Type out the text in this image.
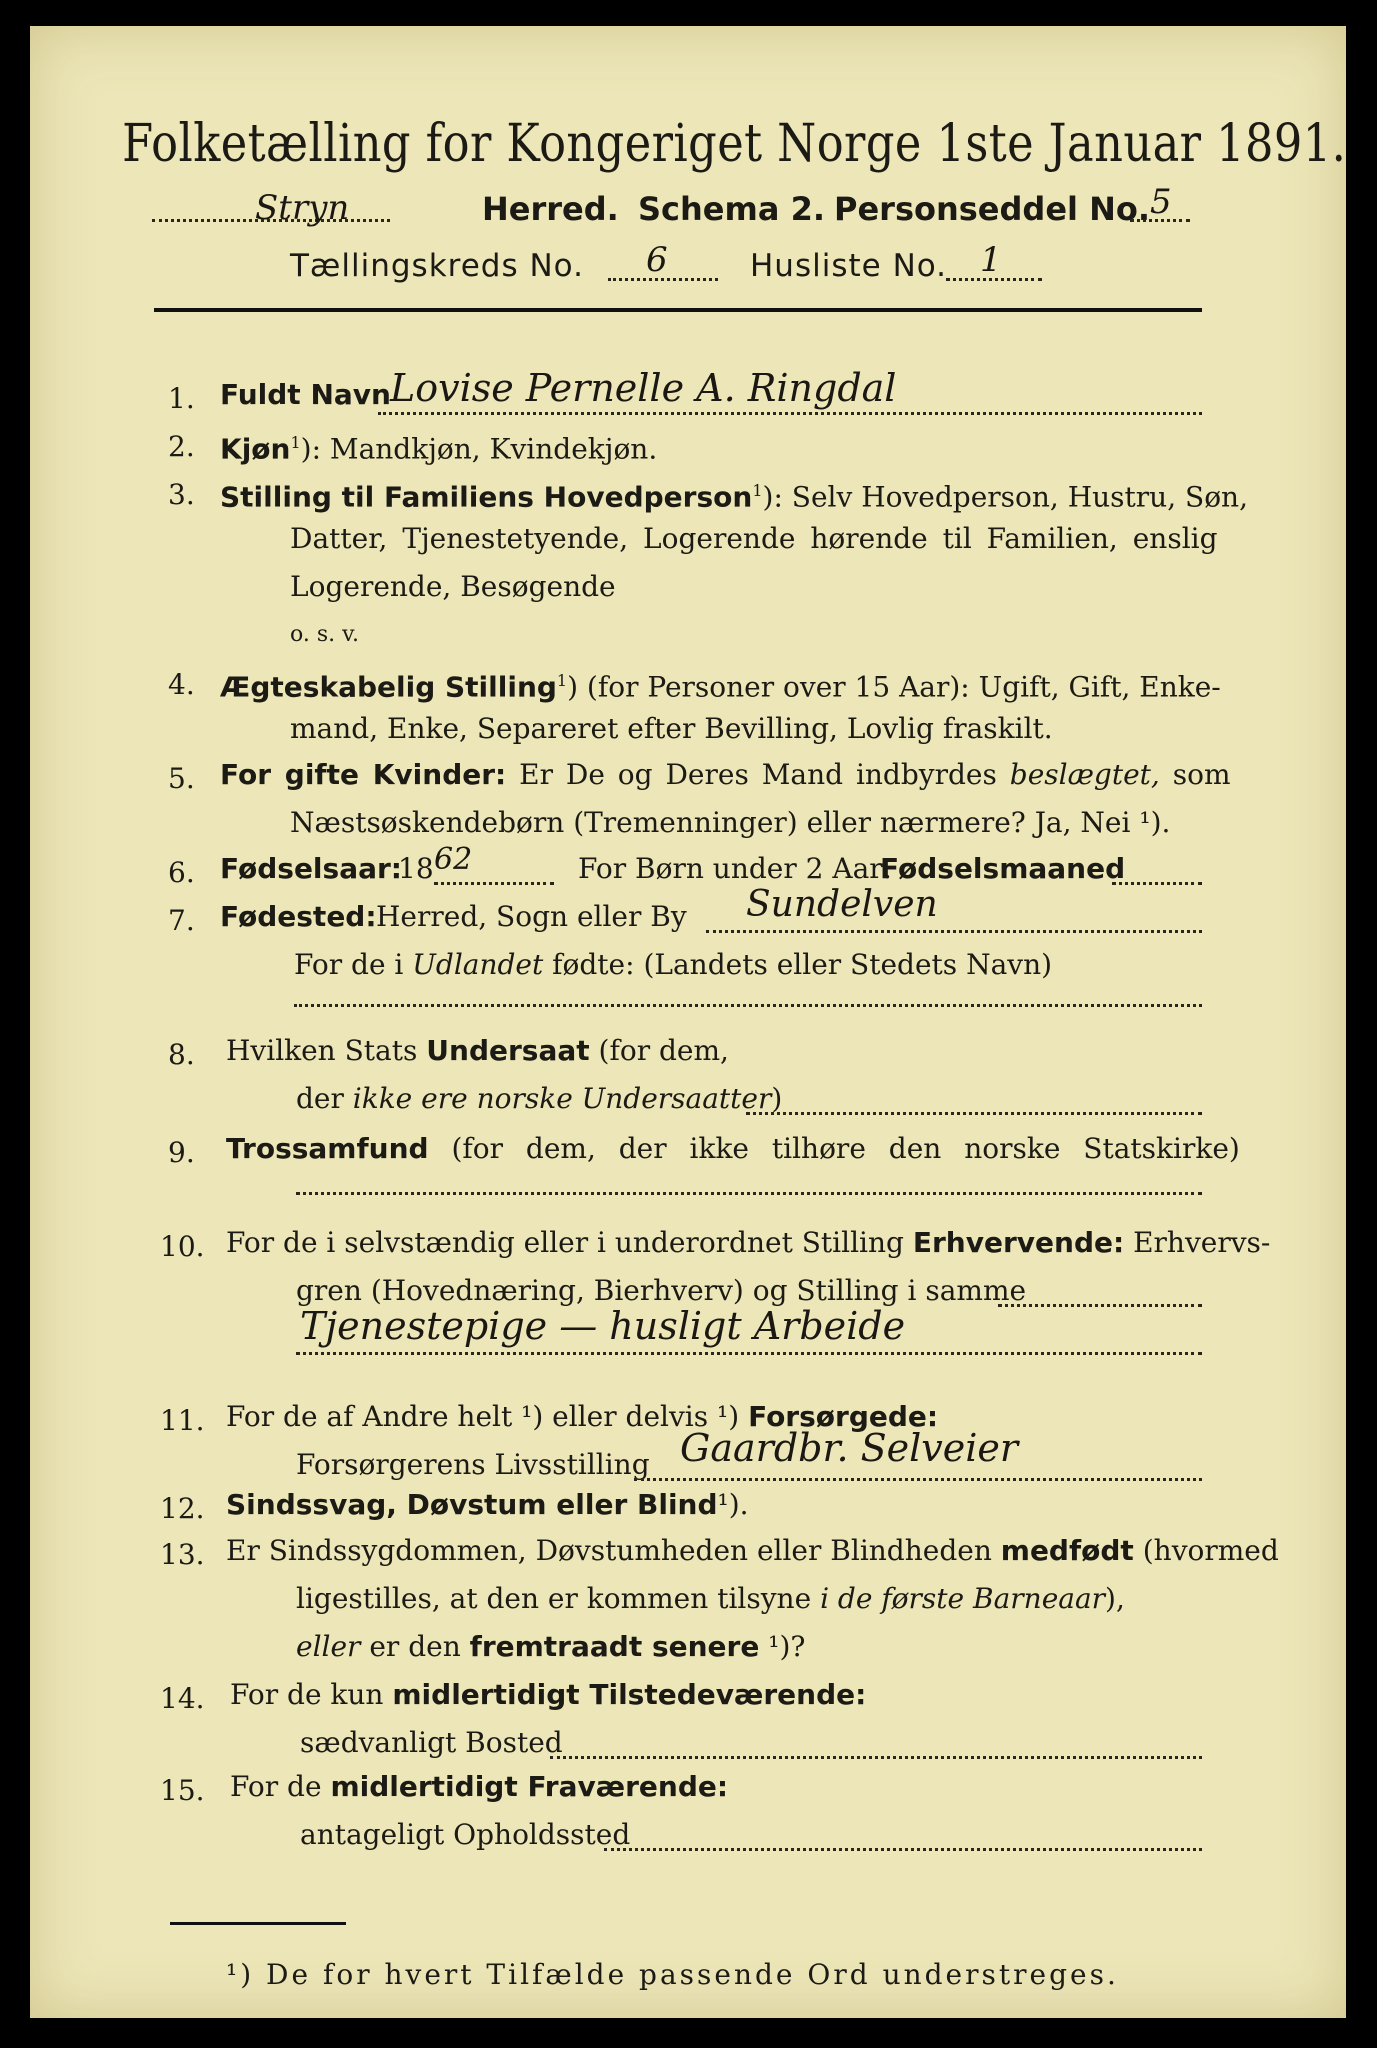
Folketælling for Kongeriget Norge 1ste Januar 1891.
Stryn	Herred. Schema 2. Personseddel No. 5
Tællingskreds No. 6	Husliste No. 1
1. Fuldt Navn Lovise Pernelle A. Ringdal
2. Kjøn$^1$): Mandkjøn, Kvindekjøn.
3. Stilling til Familiens Hovedperson$^1$): Selv Hovedperson, Hustru, Søn,
Datter, Tjenestetyende, Logerende hørende til Familien, enslig
Logerende, Besøgende
o. s. v.
4. Ægteskabelig Stilling$^1$) (for Personer over 15 Aar): Ugift, Gift, Enke-
mand, Enke, Separeret efter Bevilling, Lovlig fraskilt.
5. For gifte Kvinder: Er De og Deres Mand indbyrdes beslægtet, som
Næstsøskendebørn (Tremenninger) eller nærmere? Ja, Nei ¹).
6. Fødselsaar:
18 62	For Børn under 2 Aar:
Fødselsmaaned
7. Fødested: Herred, Sogn eller By Sundelven
For de i Udlandet fødte: (Landets eller Stedets Navn)
8. Hvilken Stats Undersaat (for dem,
der ikke ere norske Undersaatter)
9. Trossamfund (for dem, der ikke tilhøre den norske Statskirke)
10. For de i selvstændig eller i underordnet Stilling Erhvervende: Erhvervs-
gren (Hovednæring, Bierhverv) og Stilling i samme
Tjenestepige — husligt Arbeide
11. For de af Andre helt ¹) eller delvis ¹) Forsørgede:
Forsørgerens Livsstilling Gaardbr. Selveier
12. Sindssvag, Døvstum eller Blind¹).
13. Er Sindssygdommen, Døvstumheden eller Blindheden medfødt (hvormed
ligestilles, at den er kommen tilsyne i de første Barneaar),
eller er den fremtraadt senere ¹)?
14. For de kun midlertidigt Tilstedeværende:
sædvanligt Bosted
15. For de midlertidigt Fraværende:
antageligt Opholdssted
¹) De for hvert Tilfælde passende Ord understreges.
